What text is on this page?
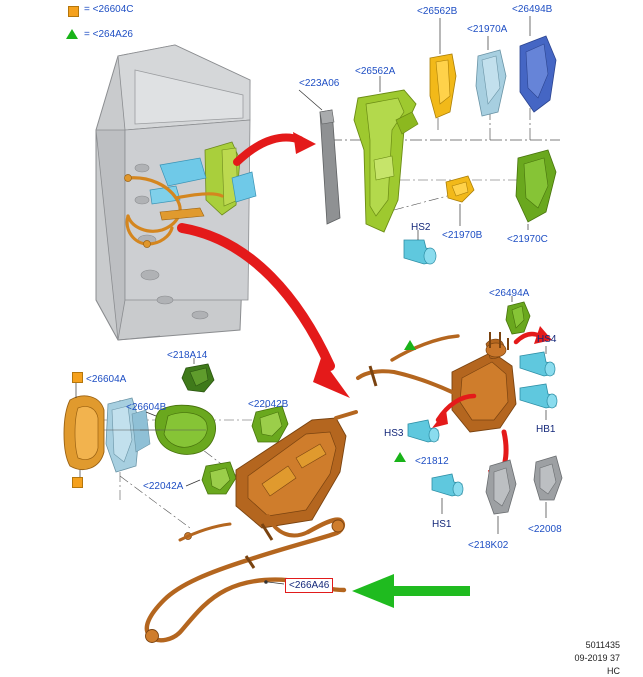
= <26604C
= <264A26
<223A06
<26562A
<26562B
<21970A
<26494B
HS2
<21970B <21970C
<26494A
HS4
HB1
HS3
<21812
HS1
<218K02
<22008
<218A14
<26604A
<26604B	<22042B
<22042A
<266A46
5011435
09-2019 37
HC
